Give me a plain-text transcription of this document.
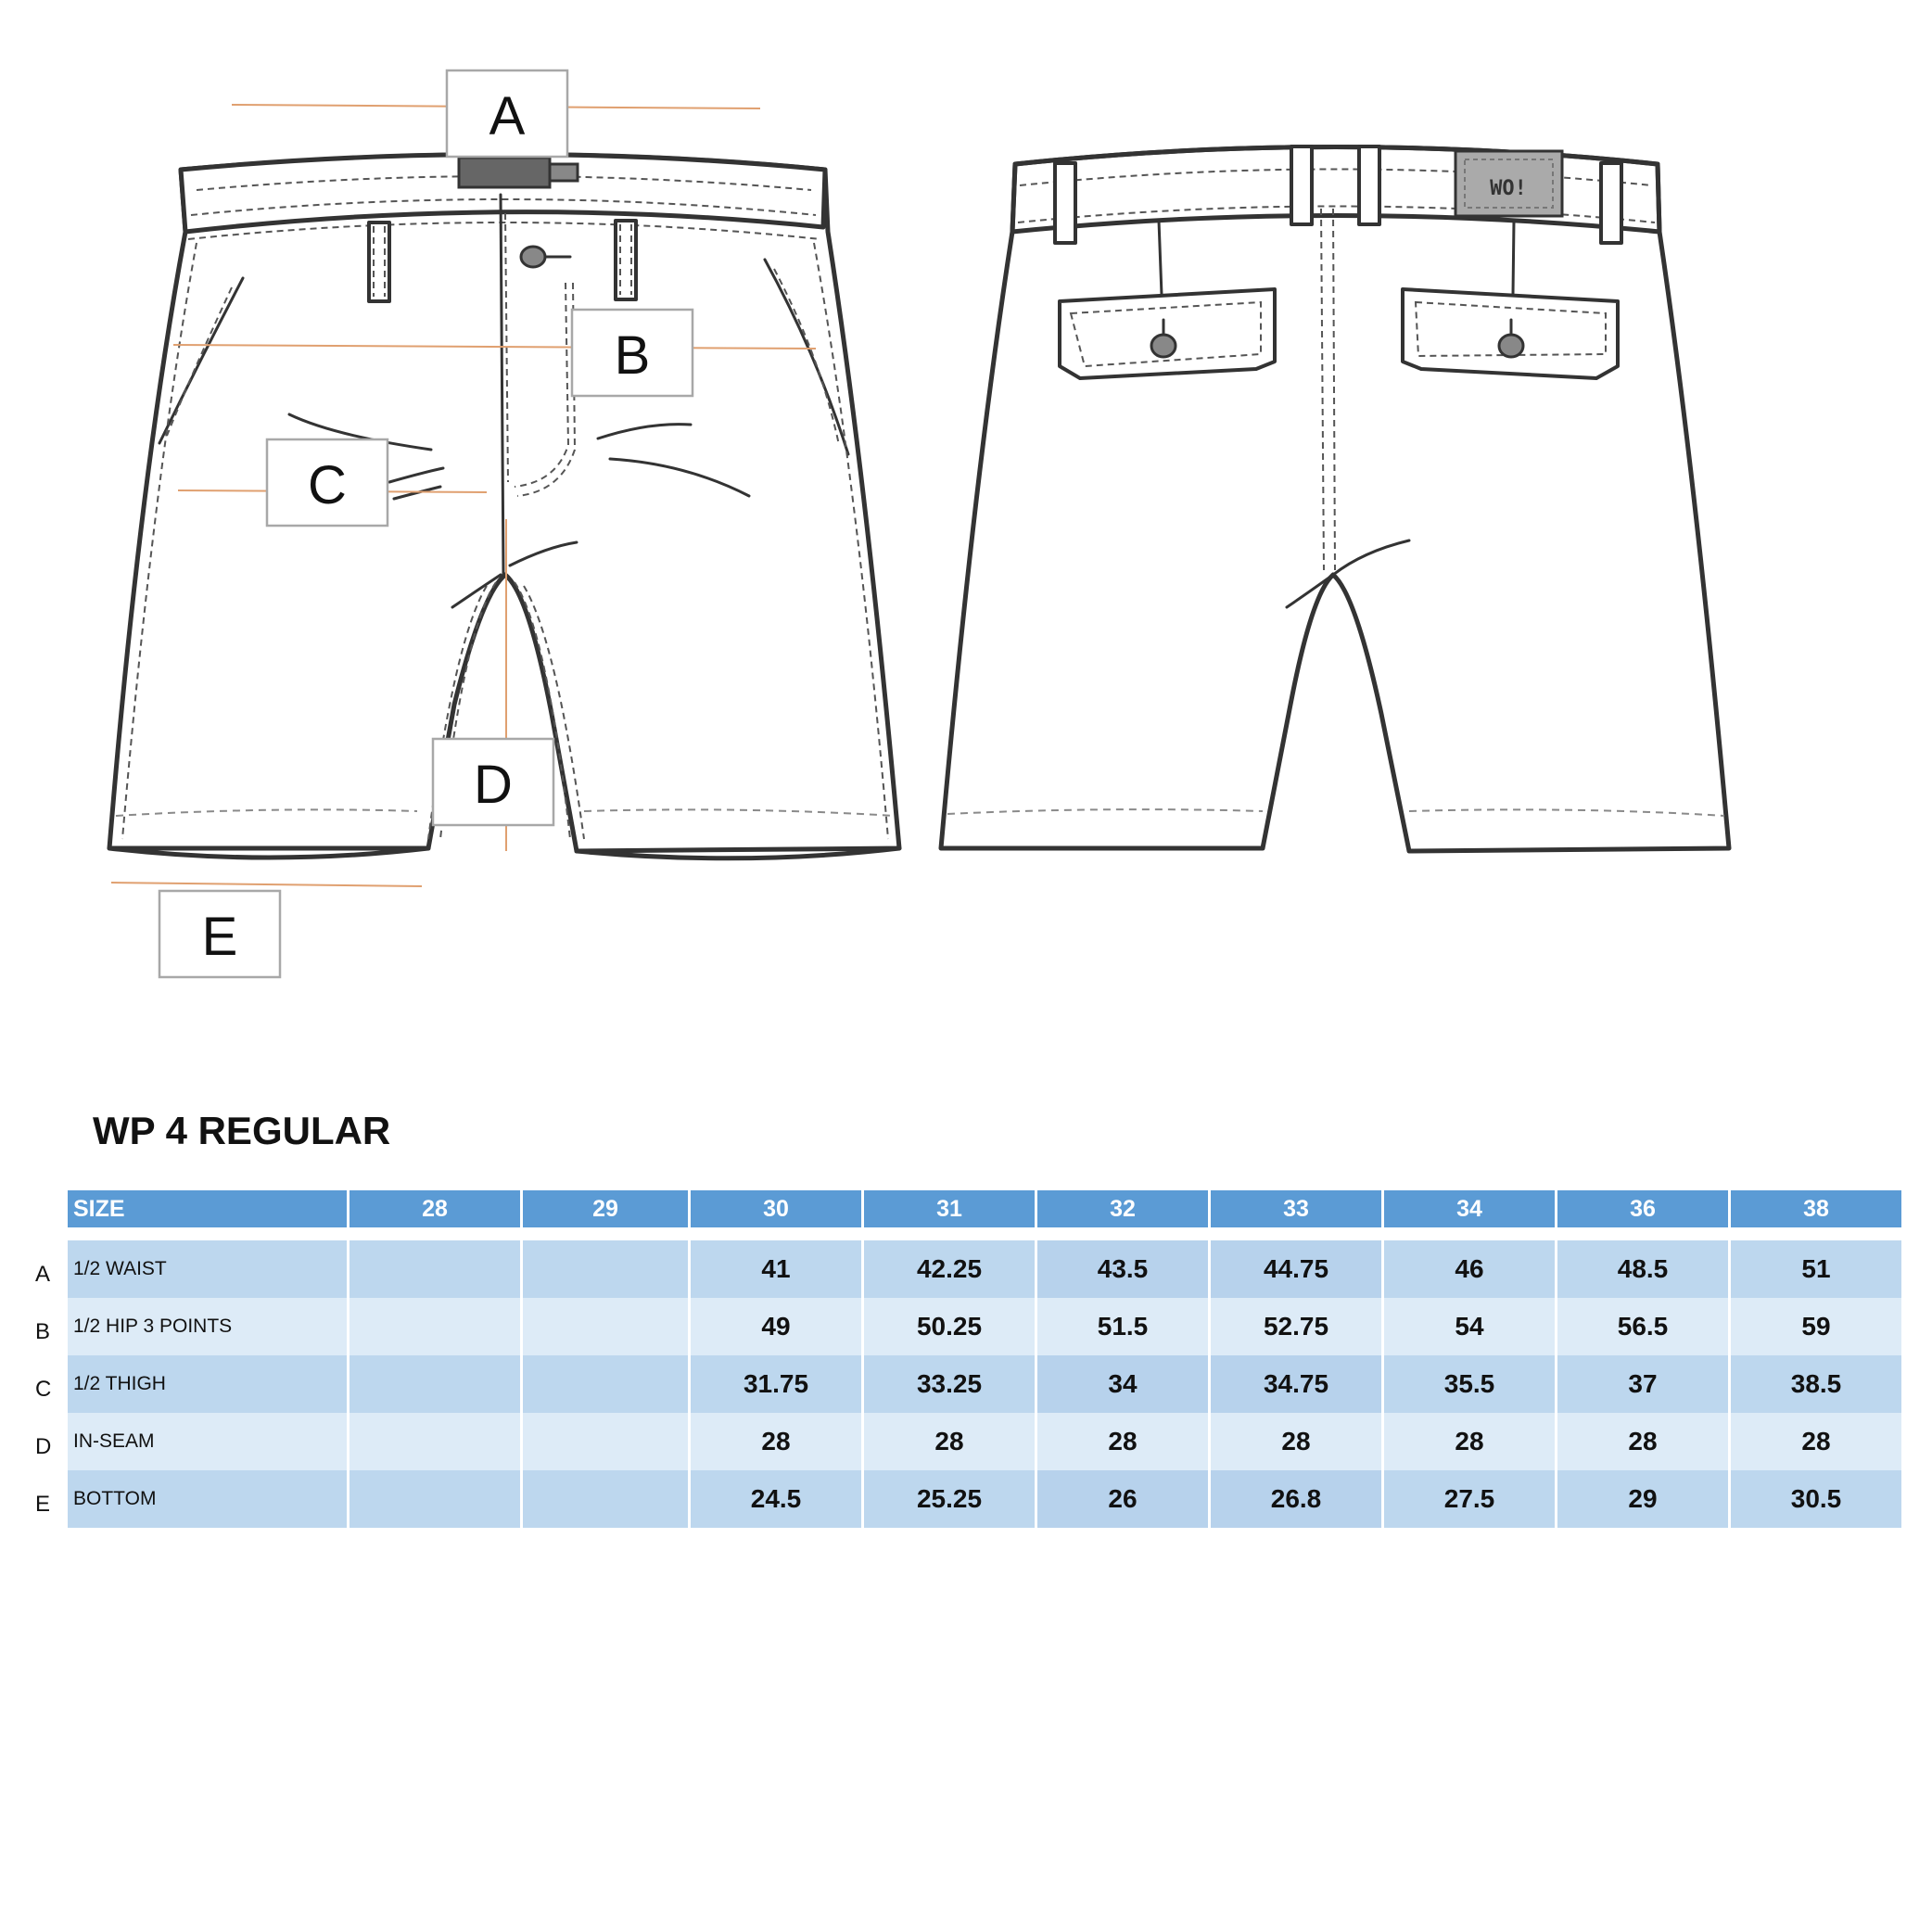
WO!
A
B
C
D
E
WP 4 REGULAR
A
B
C
D
E
SIZE	28	29	30	31	32	33	34	36	38

1/2 WAIST			41	42.25	43.5	44.75	46	48.5	51
1/2 HIP 3 POINTS			49	50.25	51.5	52.75	54	56.5	59
1/2 THIGH			31.75	33.25	34	34.75	35.5	37	38.5
IN-SEAM			28	28	28	28	28	28	28
BOTTOM			24.5	25.25	26	26.8	27.5	29	30.5
